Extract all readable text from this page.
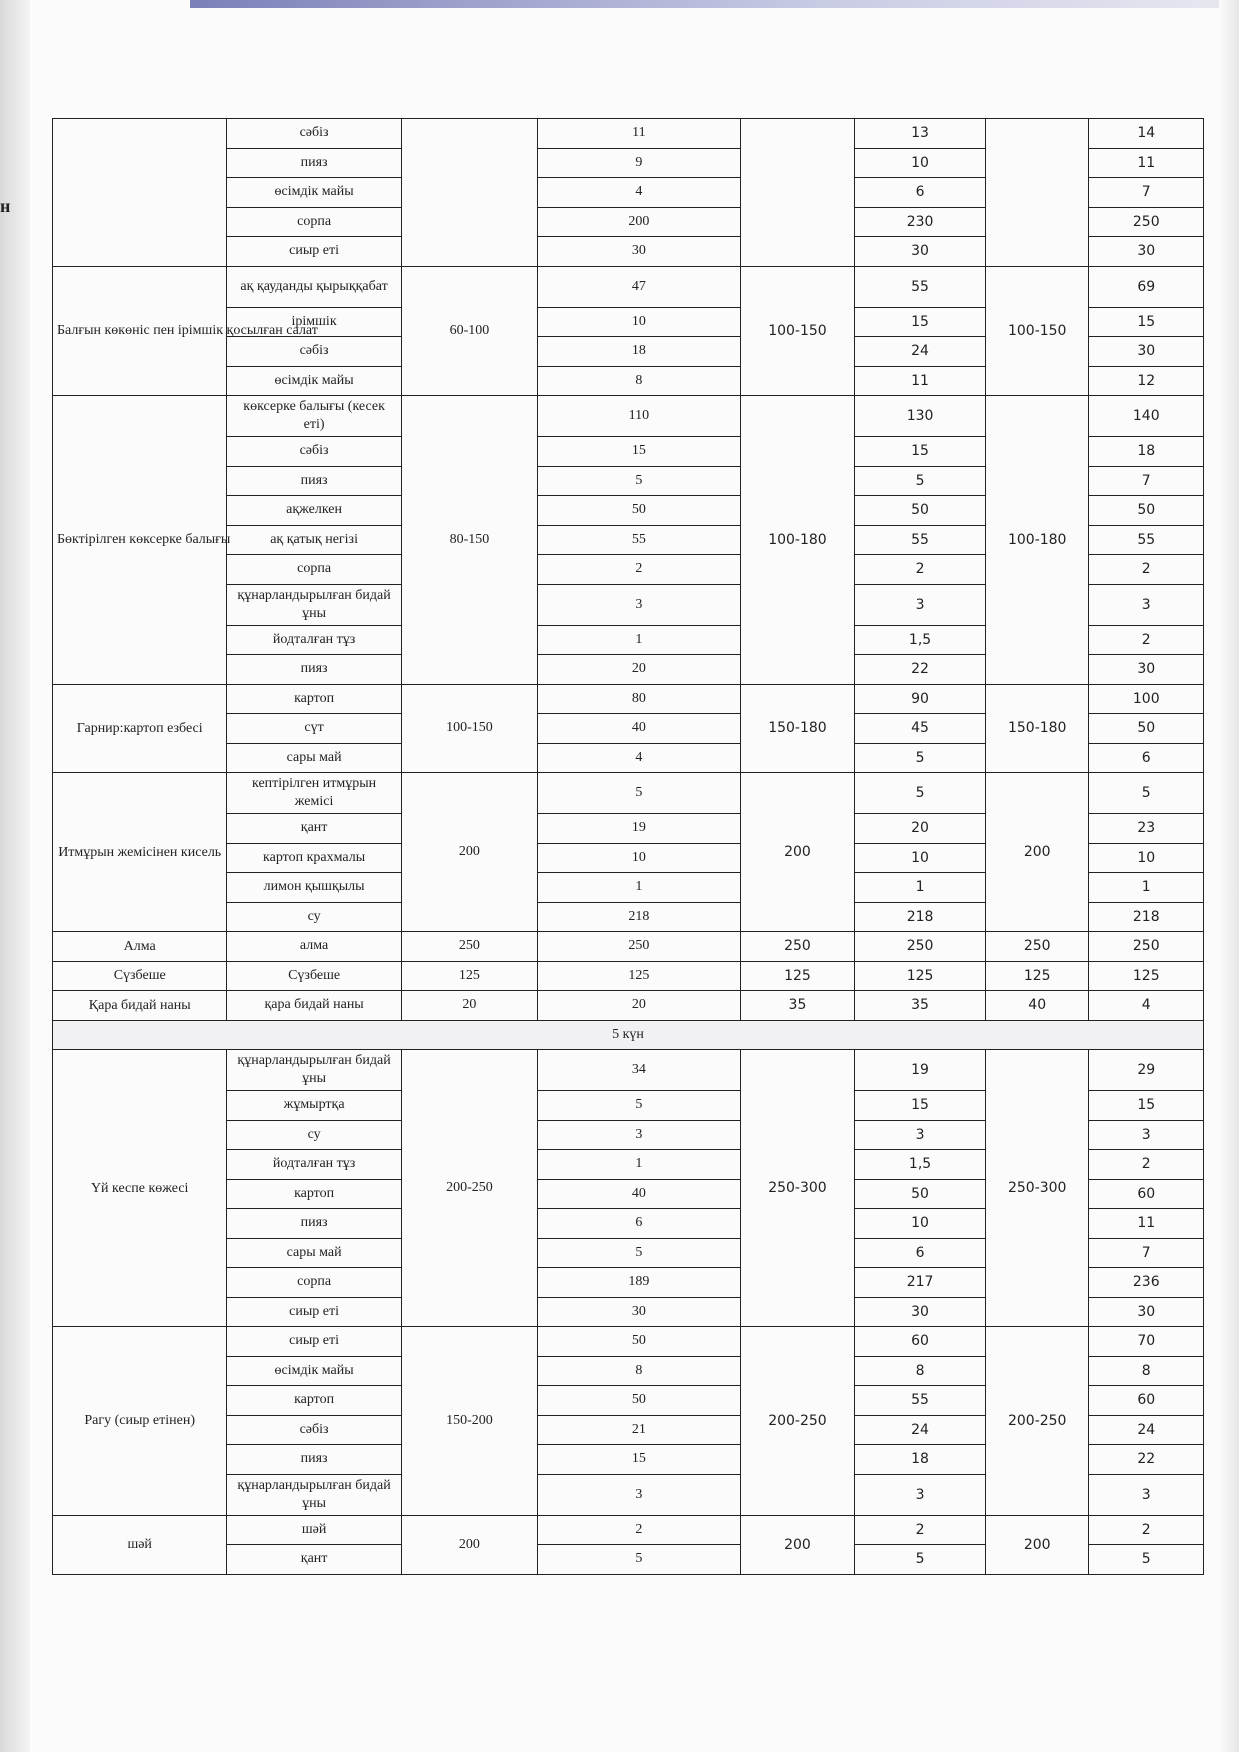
н
	сәбіз		11		13		14
	пияз		9		10		11
	өсімдік майы		4		6		7
	сорпа		200		230		250
	сиыр еті		30		30		30
Балғын көкөніс пен ірімшік қосылған салат	ақ қауданды қырыққабат	60-100	47	100-150	55	100-150	69
	ірімшік		10		15		15
	сәбіз		18		24		30
	өсімдік майы		8		11		12
Бөктірілген көксерке балығы	көксерке балығы (кесек еті)	80-150	110	100-180	130	100-180	140
	сәбіз		15		15		18
	пияз		5		5		7
	ақжелкен		50		50		50
	ақ қатық негізі		55		55		55
	сорпа		2		2		2
	құнарландырылған бидай ұны		3		3		3
	йодталған тұз		1		1,5		2
	пияз		20		22		30
Гарнир:картоп езбесі	картоп	100-150	80	150-180	90	150-180	100
	сүт		40		45		50
	сары май		4		5		6
Итмұрын жемісінен кисель	кептірілген итмұрын жемісі	200	5	200	5	200	5
	қант		19		20		23
	картоп крахмалы		10		10		10
	лимон қышқылы		1		1		1
	су		218		218		218
Алма	алма	250	250	250	250	250	250
Сүзбеше	Сүзбеше	125	125	125	125	125	125
Қара бидай наны	қара бидай наны	20	20	35	35	40	4
5 күн							
Үй кеспе көжесі	құнарландырылған бидай ұны	200-250	34	250-300	19	250-300	29
	жұмыртқа		5		15		15
	су		3		3		3
	йодталған тұз		1		1,5		2
	картоп		40		50		60
	пияз		6		10		11
	сары май		5		6		7
	сорпа		189		217		236
	сиыр еті		30		30		30
Рагу (сиыр етінен)	сиыр еті	150-200	50	200-250	60	200-250	70
	өсімдік майы		8		8		8
	картоп		50		55		60
	сәбіз		21		24		24
	пияз		15		18		22
	құнарландырылған бидай ұны		3		3		3
шәй	шәй	200	2	200	2	200	2
	қант		5		5		5
